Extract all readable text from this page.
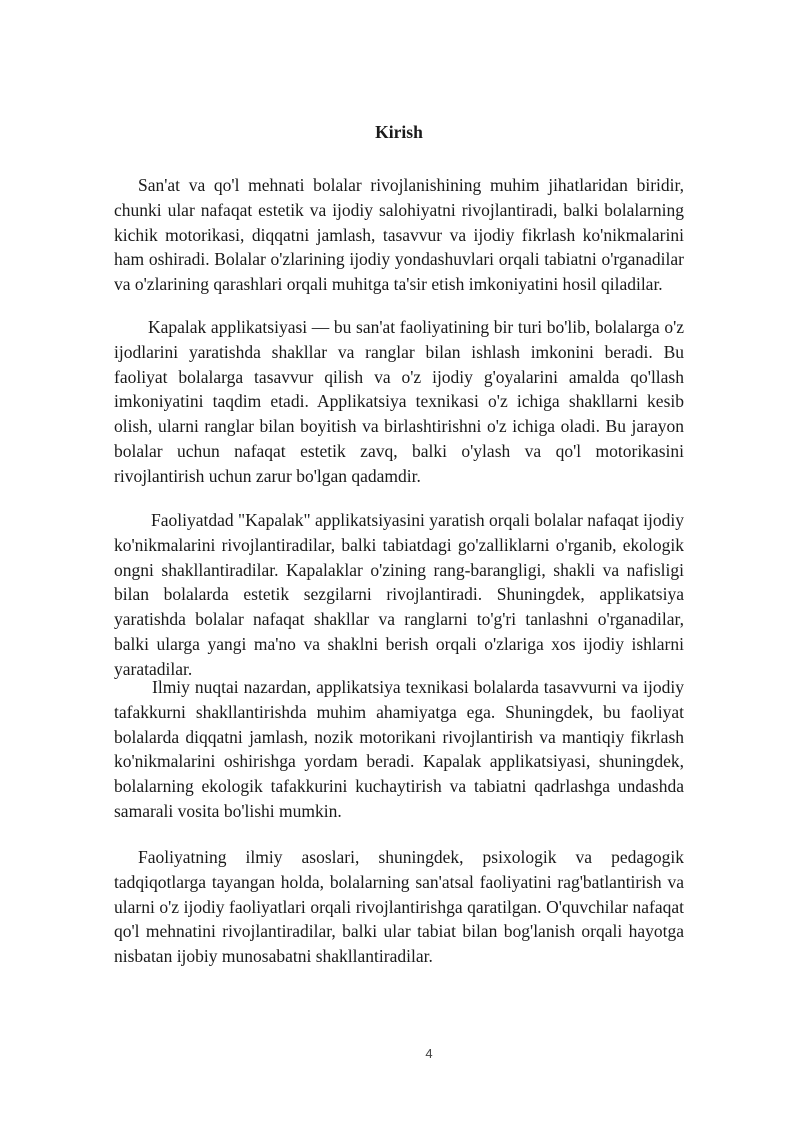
Kirish

San'at va qo'l mehnati bolalar rivojlanishining muhim jihatlaridan biridir, chunki ular nafaqat estetik va ijodiy salohiyatni rivojlantiradi, balki bolalarning kichik motorikasi, diqqatni jamlash, tasavvur va ijodiy fikrlash ko'nikmalarini ham oshiradi. Bolalar o'zlarining ijodiy yondashuvlari orqali tabiatni o'rganadilar va o'zlarining qarashlari orqali muhitga ta'sir etish imkoniyatini hosil qiladilar.

Kapalak applikatsiyasi — bu san'at faoliyatining bir turi bo'lib, bolalarga o'z ijodlarini yaratishda shakllar va ranglar bilan ishlash imkonini beradi. Bu faoliyat bolalarga tasavvur qilish va o'z ijodiy g'oyalarini amalda qo'llash imkoniyatini taqdim etadi. Applikatsiya texnikasi o'z ichiga shakllarni kesib olish, ularni ranglar bilan boyitish va birlashtirishni o'z ichiga oladi. Bu jarayon bolalar uchun nafaqat estetik zavq, balki o'ylash va qo'l motorikasini rivojlantirish uchun zarur bo'lgan qadamdir.

Faoliyatdad "Kapalak" applikatsiyasini yaratish orqali bolalar nafaqat ijodiy ko'nikmalarini rivojlantiradilar, balki tabiatdagi go'zalliklarni o'rganib, ekologik ongni shakllantiradilar. Kapalaklar o'zining rang-barangligi, shakli va nafisligi bilan bolalarda estetik sezgilarni rivojlantiradi. Shuningdek, applikatsiya yaratishda bolalar nafaqat shakllar va ranglarni to'g'ri tanlashni o'rganadilar, balki ularga yangi ma'no va shaklni berish orqali o'zlariga xos ijodiy ishlarni yaratadilar.

Ilmiy nuqtai nazardan, applikatsiya texnikasi bolalarda tasavvurni va ijodiy tafakkurni shakllantirishda muhim ahamiyatga ega. Shuningdek, bu faoliyat bolalarda diqqatni jamlash, nozik motorikani rivojlantirish va mantiqiy fikrlash ko'nikmalarini oshirishga yordam beradi. Kapalak applikatsiyasi, shuningdek, bolalarning ekologik tafakkurini kuchaytirish va tabiatni qadrlashga undashda samarali vosita bo'lishi mumkin.

Faoliyatning ilmiy asoslari, shuningdek, psixologik va pedagogik tadqiqotlarga tayangan holda, bolalarning san'atsal faoliyatini rag'batlantirish va ularni o'z ijodiy faoliyatlari orqali rivojlantirishga qaratilgan. O'quvchilar nafaqat qo'l mehnatini rivojlantiradilar, balki ular tabiat bilan bog'lanish orqali hayotga nisbatan ijobiy munosabatni shakllantiradilar.

4
